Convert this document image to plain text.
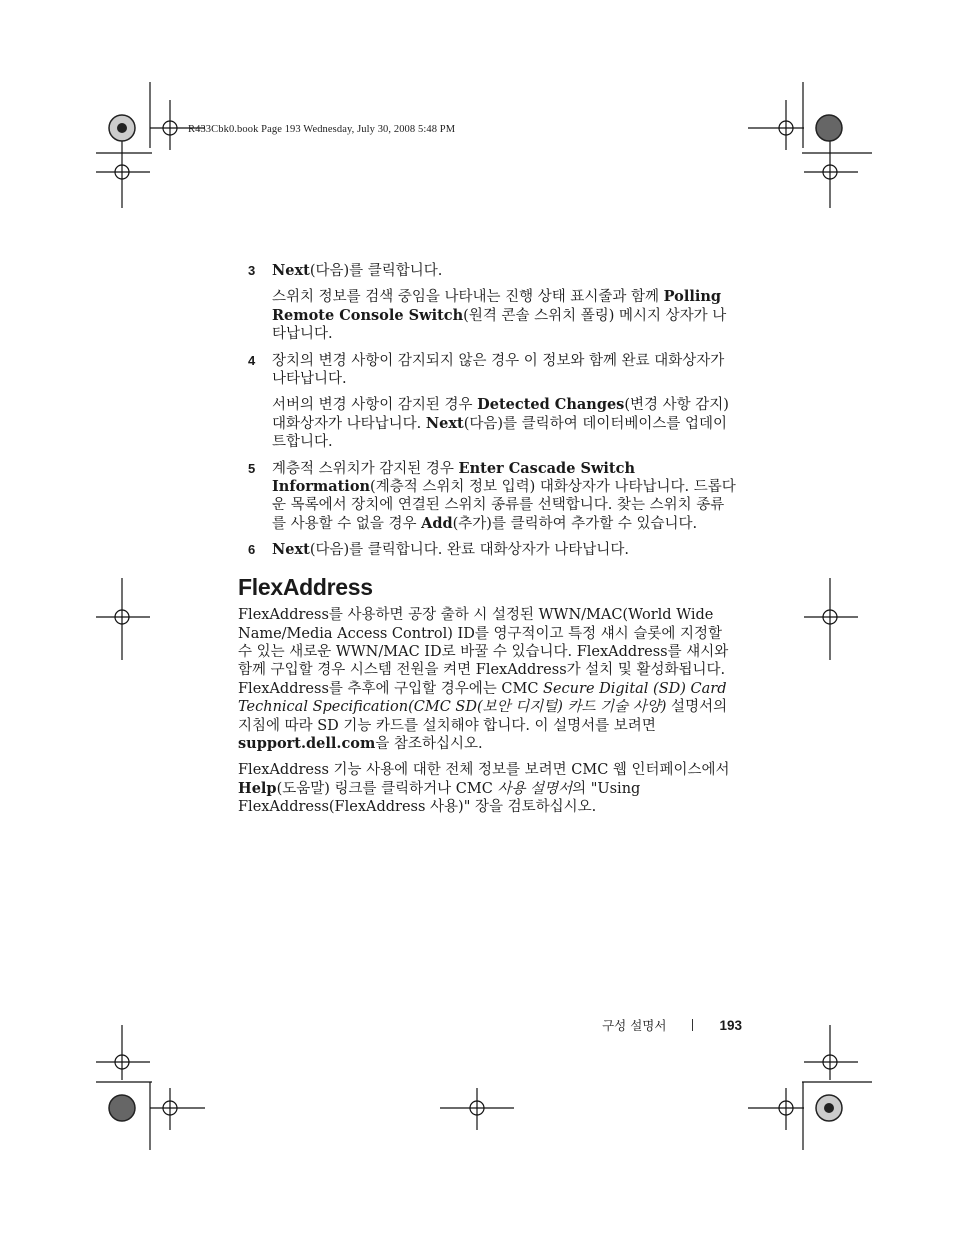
R433Cbk0.book Page 193 Wednesday, July 30, 2008 5:48 PM
3 Next(다음)를 클릭합니다.

스위치 정보를 검색 중임을 나타내는 진행 상태 표시줄과 함께 Polling Remote Console Switch(원격 콘솔 스위치 폴링) 메시지 상자가 나타납니다.

4 장치의 변경 사항이 감지되지 않은 경우 이 정보와 함께 완료 대화상자가 나타납니다.

서버의 변경 사항이 감지된 경우 Detected Changes(변경 사항 감지) 대화상자가 나타납니다. Next(다음)를 클릭하여 데이터베이스를 업데이트합니다.

5 계층적 스위치가 감지된 경우 Enter Cascade Switch Information(계층적 스위치 정보 입력) 대화상자가 나타납니다. 드롭다운 목록에서 장치에 연결된 스위치 종류를 선택합니다. 찾는 스위치 종류를 사용할 수 없을 경우 Add(추가)를 클릭하여 추가할 수 있습니다.

6 Next(다음)를 클릭합니다. 완료 대화상자가 나타납니다.

FlexAddress

FlexAddress를 사용하면 공장 출하 시 설정된 WWN/MAC(World Wide Name/Media Access Control) ID를 영구적이고 특정 섀시 슬롯에 지정할 수 있는 새로운 WWN/MAC ID로 바꿀 수 있습니다. FlexAddress를 섀시와 함께 구입할 경우 시스템 전원을 켜면 FlexAddress가 설치 및 활성화됩니다. FlexAddress를 추후에 구입할 경우에는 CMC Secure Digital (SD) Card Technical Specification(CMC SD(보안 디지털) 카드 기술 사양) 설명서의 지침에 따라 SD 기능 카드를 설치해야 합니다. 이 설명서를 보려면 support.dell.com을 참조하십시오.

FlexAddress 기능 사용에 대한 전체 정보를 보려면 CMC 웹 인터페이스에서 Help(도움말) 링크를 클릭하거나 CMC 사용 설명서의 "Using FlexAddress(FlexAddress 사용)" 장을 검토하십시오.

구성 설명서	193
